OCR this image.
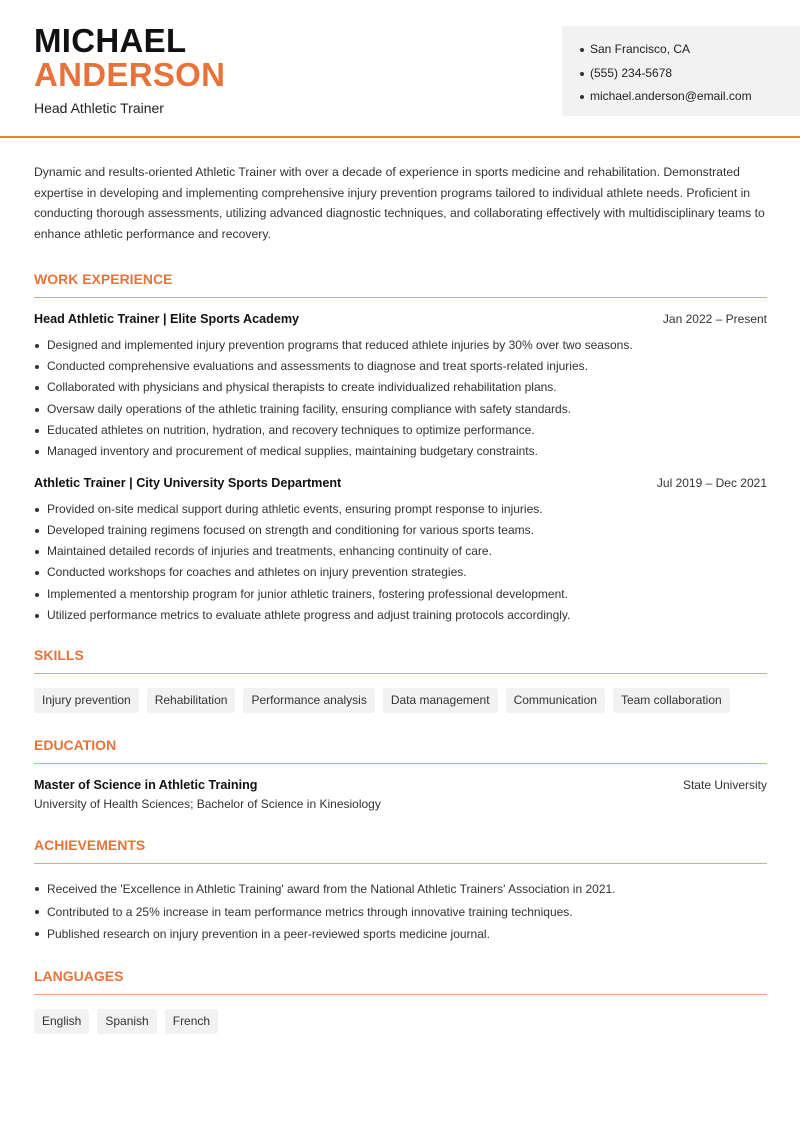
MICHAEL
ANDERSON
Head Athletic Trainer
San Francisco, CA
(555) 234-5678
michael.anderson@email.com

Dynamic and results-oriented Athletic Trainer with over a decade of experience in sports medicine and rehabilitation. Demonstrated expertise in developing and implementing comprehensive injury prevention programs tailored to individual athlete needs. Proficient in conducting thorough assessments, utilizing advanced diagnostic techniques, and collaborating effectively with multidisciplinary teams to enhance athletic performance and recovery.

WORK EXPERIENCE
Head Athletic Trainer | Elite Sports Academy	Jan 2022 – Present
Designed and implemented injury prevention programs that reduced athlete injuries by 30% over two seasons.
Conducted comprehensive evaluations and assessments to diagnose and treat sports-related injuries.
Collaborated with physicians and physical therapists to create individualized rehabilitation plans.
Oversaw daily operations of the athletic training facility, ensuring compliance with safety standards.
Educated athletes on nutrition, hydration, and recovery techniques to optimize performance.
Managed inventory and procurement of medical supplies, maintaining budgetary constraints.
Athletic Trainer | City University Sports Department	Jul 2019 – Dec 2021
Provided on-site medical support during athletic events, ensuring prompt response to injuries.
Developed training regimens focused on strength and conditioning for various sports teams.
Maintained detailed records of injuries and treatments, enhancing continuity of care.
Conducted workshops for coaches and athletes on injury prevention strategies.
Implemented a mentorship program for junior athletic trainers, fostering professional development.
Utilized performance metrics to evaluate athlete progress and adjust training protocols accordingly.
SKILLS
Injury prevention	Rehabilitation	Performance analysis	Data management	Communication	Team collaboration
EDUCATION
Master of Science in Athletic Training	State University
University of Health Sciences; Bachelor of Science in Kinesiology
ACHIEVEMENTS
Received the 'Excellence in Athletic Training' award from the National Athletic Trainers' Association in 2021.
Contributed to a 25% increase in team performance metrics through innovative training techniques.
Published research on injury prevention in a peer-reviewed sports medicine journal.
LANGUAGES
English	Spanish	French
